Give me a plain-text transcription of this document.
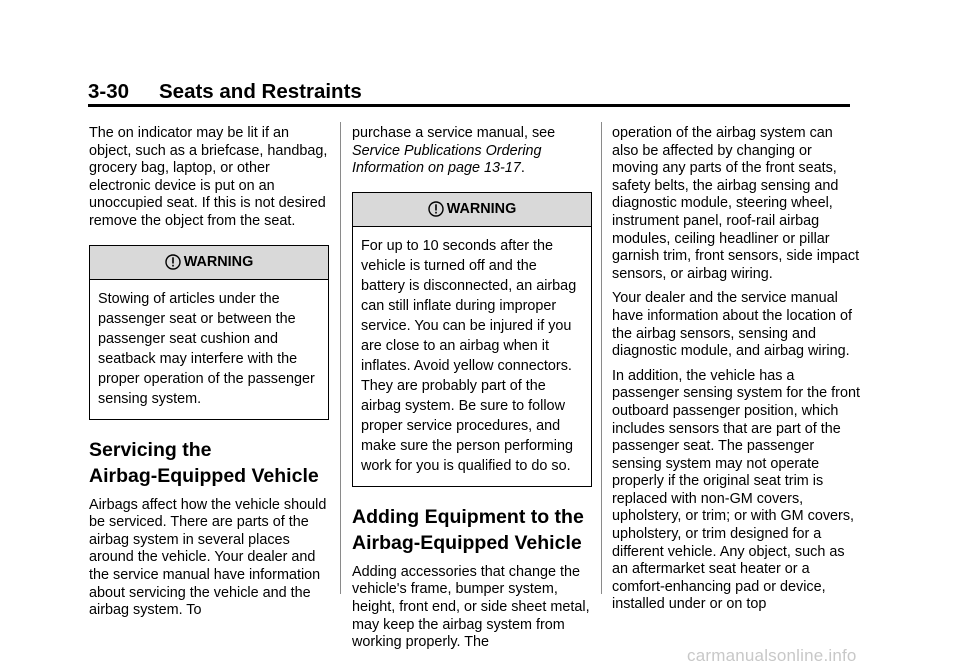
3-30 Seats and Restraints

The on indicator may be lit if an object, such as a briefcase, handbag, grocery bag, laptop, or other electronic device is put on an unoccupied seat. If this is not desired remove the object from the seat.

WARNING
Stowing of articles under the passenger seat or between the passenger seat cushion and seatback may interfere with the proper operation of the passenger sensing system.
Servicing the
Airbag-Equipped Vehicle

Airbags affect how the vehicle should be serviced. There are parts of the airbag system in several places around the vehicle. Your dealer and the service manual have information about servicing the vehicle and the airbag system. To

purchase a service manual, see
Service Publications Ordering Information on page 13-17.

WARNING
For up to 10 seconds after the vehicle is turned off and the battery is disconnected, an airbag can still inflate during improper service. You can be injured if you are close to an airbag when it inflates. Avoid yellow connectors. They are probably part of the airbag system. Be sure to follow proper service procedures, and make sure the person performing work for you is qualified to do so.
Adding Equipment to the
Airbag-Equipped Vehicle

Adding accessories that change the vehicle's frame, bumper system, height, front end, or side sheet metal, may keep the airbag system from working properly. The

operation of the airbag system can also be affected by changing or moving any parts of the front seats, safety belts, the airbag sensing and diagnostic module, steering wheel, instrument panel, roof-rail airbag modules, ceiling headliner or pillar garnish trim, front sensors, side impact sensors, or airbag wiring.

Your dealer and the service manual have information about the location of the airbag sensors, sensing and diagnostic module, and airbag wiring.

In addition, the vehicle has a passenger sensing system for the front outboard passenger position, which includes sensors that are part of the passenger seat. The passenger sensing system may not operate properly if the original seat trim is replaced with non-GM covers, upholstery, or trim; or with GM covers, upholstery, or trim designed for a different vehicle. Any object, such as an aftermarket seat heater or a comfort-enhancing pad or device, installed under or on top

carmanualsonline.info
